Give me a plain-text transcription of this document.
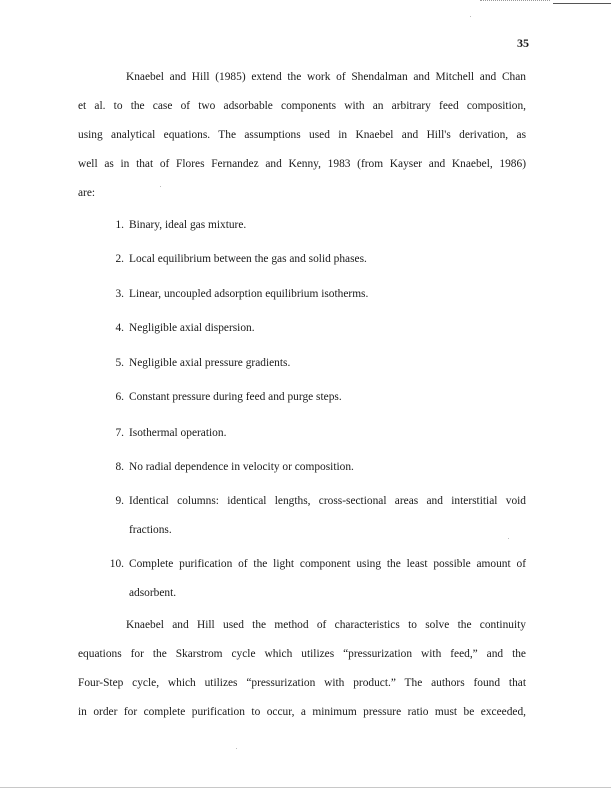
35
Knaebel and Hill (1985) extend the work of Shendalman and Mitchell and Chan
et al. to the case of two adsorbable components with an arbitrary feed composition,
using analytical equations. The assumptions used in Knaebel and Hill's derivation, as
well as in that of Flores Fernandez and Kenny, 1983 (from Kayser and Knaebel, 1986)
are:
1. Binary, ideal gas mixture.
2. Local equilibrium between the gas and solid phases.
3. Linear, uncoupled adsorption equilibrium isotherms.
4. Negligible axial dispersion.
5. Negligible axial pressure gradients.
6. Constant pressure during feed and purge steps.
7. Isothermal operation.
8. No radial dependence in velocity or composition.
9. Identical columns: identical lengths, cross-sectional areas and interstitial void
fractions.
10. Complete purification of the light component using the least possible amount of
adsorbent.
Knaebel and Hill used the method of characteristics to solve the continuity
equations for the Skarstrom cycle which utilizes “pressurization with feed,” and the
Four-Step cycle, which utilizes “pressurization with product.” The authors found that
in order for complete purification to occur, a minimum pressure ratio must be exceeded,
